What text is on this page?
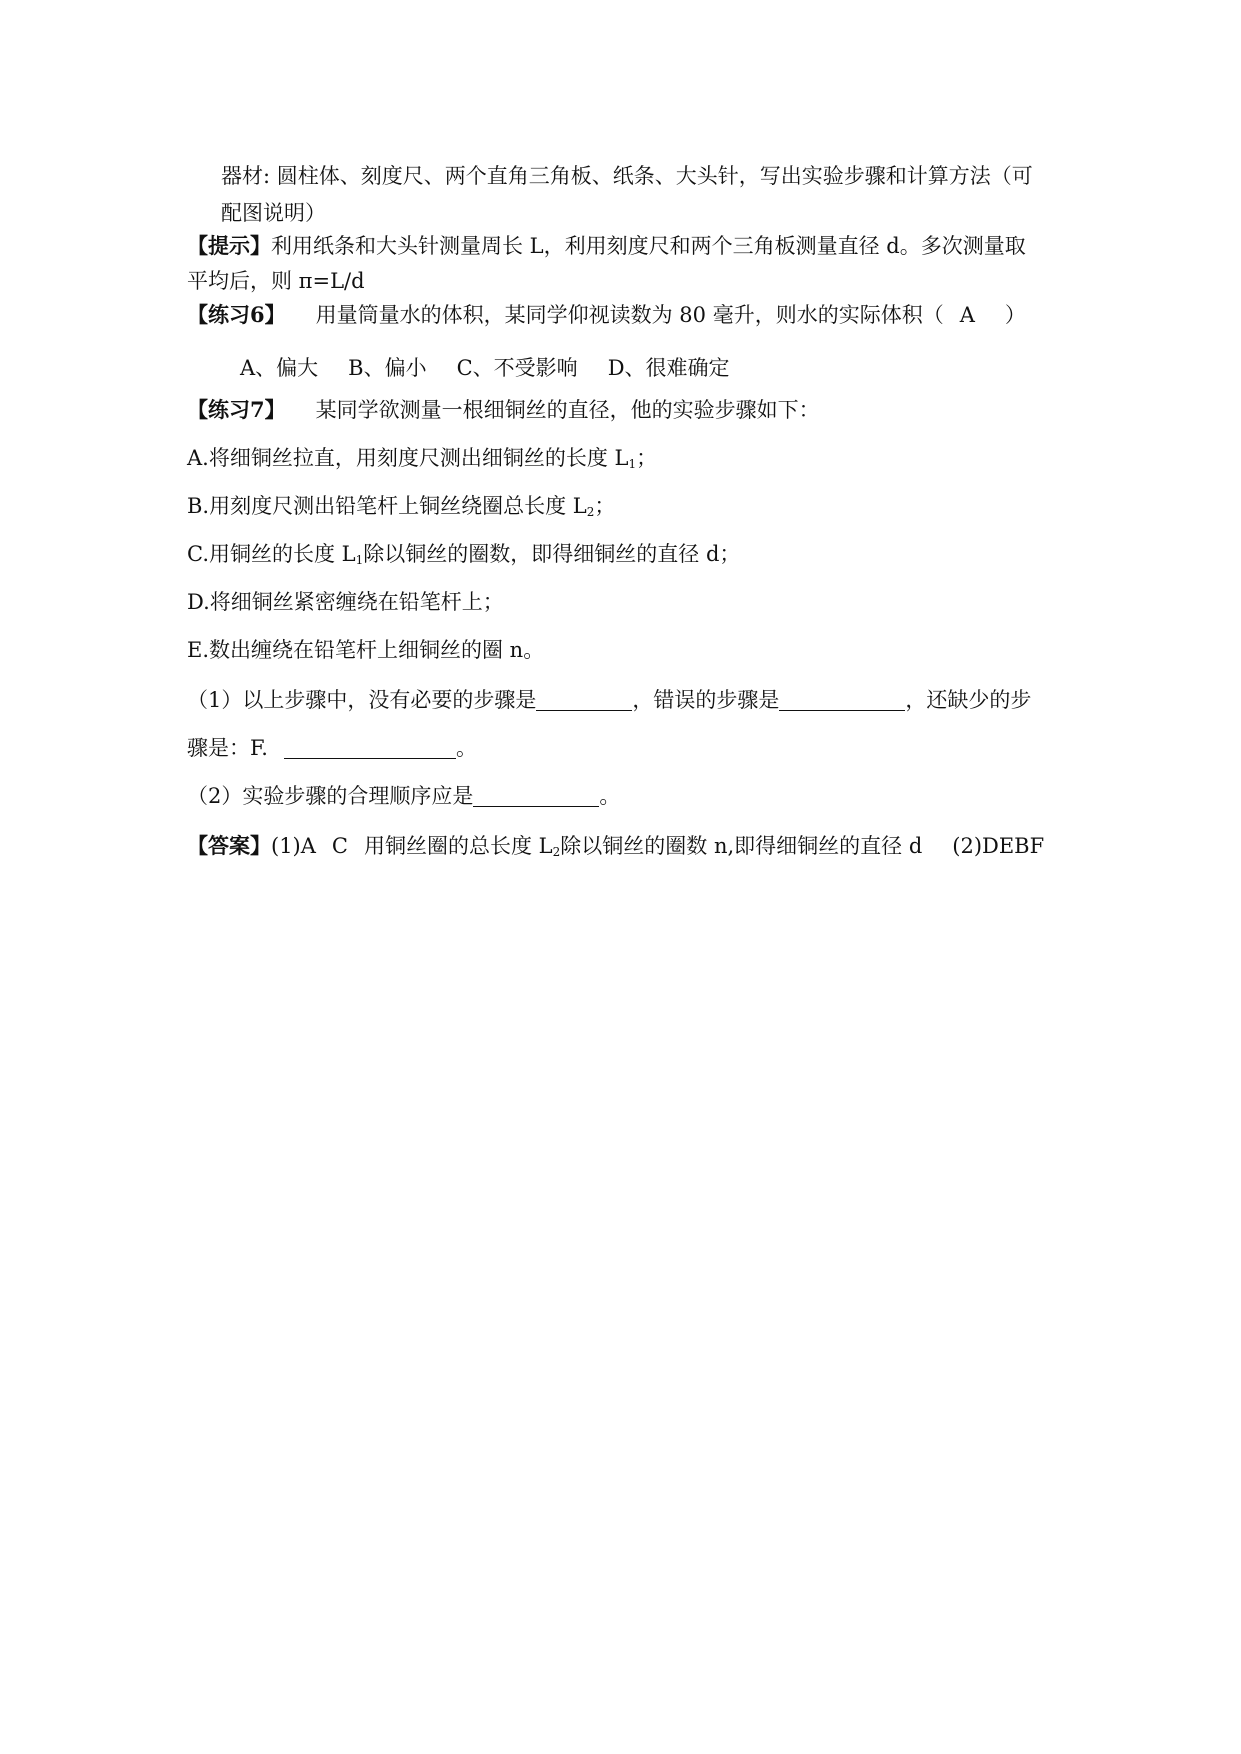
器材: 圆柱体、刻度尺、两个直角三角板、纸条、大头针，写出实验步骤和计算方法（可
配图说明）
【提示】利用纸条和大头针测量周长 L，利用刻度尺和两个三角板测量直径 d。多次测量取
平均后，则 π=L/d
【练习6】 用量筒量水的体积，某同学仰视读数为 80 毫升，则水的实际体积（ A ）
A、偏大 B、偏小 C、不受影响 D、很难确定
【练习7】 某同学欲测量一根细铜丝的直径，他的实验步骤如下：
A.将细铜丝拉直，用刻度尺测出细铜丝的长度 $L_1$；
B.用刻度尺测出铅笔杆上铜丝绕圈总长度 $L_2$；
C.用铜丝的长度 $L_1$除以铜丝的圈数，即得细铜丝的直径 d；
D.将细铜丝紧密缠绕在铅笔杆上；
E.数出缠绕在铅笔杆上细铜丝的圈 n。
（1）以上步骤中，没有必要的步骤是	，错误的步骤是	，还缺少的步
骤是：F.	。
（2）实验步骤的合理顺序应是	。
【答案】(1)A C 用铜丝圈的总长度 $L_2$除以铜丝的圈数 n,即得细铜丝的直径 d (2)DEBF
